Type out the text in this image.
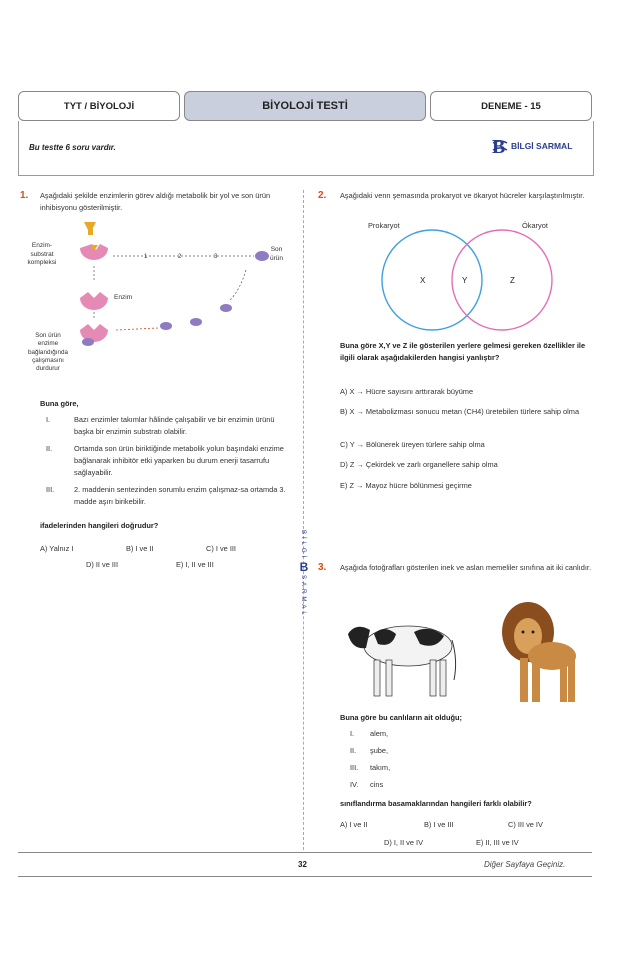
TYT / BİYOLOJİ	BİYOLOJİ TESTİ	DENEME - 15
Bu testte 6 soru vardır.	B BİLGİ SARMAL
BİLGİ
B
SARMAL
1. Aşağıdaki şekilde enzimlerin görev aldığı metabolik bir yol ve son ürün inhibisyonu gösterilmiştir.
1	2	3
Enzim-
substrat
kompleksi
Enzim
Son
ürün
Son ürün
enzime
bağlandığında
çalışmasını
durdurur
Buna göre,
I.	Bazı enzimler takımlar hâlinde çalışabilir ve bir enzimin ürünü başka bir enzimin substratı olabilir.
II.	Ortamda son ürün biriktiğinde metabolik yolun başındaki enzime bağlanarak inhibitör etki yaparken bu durum enerji tasarrufu sağlayabilir.
III.	2. maddenin sentezinden sorumlu enzim çalışmaz-sa ortamda 3. madde aşırı birikebilir.
ifadelerinden hangileri doğrudur?
A) Yalnız I	B) I ve II	C) I ve III
D) II ve III	E) I, II ve III
2. Aşağıdaki venn şemasında prokaryot ve ökaryot hücreler karşılaştırılmıştır.
Prokaryot	Ökaryot
X	Y	Z
Buna göre X,Y ve Z ile gösterilen yerlere gelmesi gereken özellikler ile ilgili olarak aşağıdakilerden hangisi yanlıştır?
A) X → Hücre sayısını arttırarak büyüme
B) X → Metabolizması sonucu metan (CH4) üretebilen türlere sahip olma
C) Y → Bölünerek üreyen türlere sahip olma
D) Z → Çekirdek ve zarlı organellere sahip olma
E) Z → Mayoz hücre bölünmesi geçirme
3. Aşağıda fotoğrafları gösterilen inek ve aslan memeliler sınıfına ait iki canlıdır.
Buna göre bu canlıların ait olduğu;
I.	alem,
II.	şube,
III.	takım,
IV.	cins
sınıflandırma basamaklarından hangileri farklı olabilir?
A) I ve II	B) I ve III	C) III ve IV
D) I, II ve IV	E) II, III ve IV
32	Diğer Sayfaya Geçiniz.
